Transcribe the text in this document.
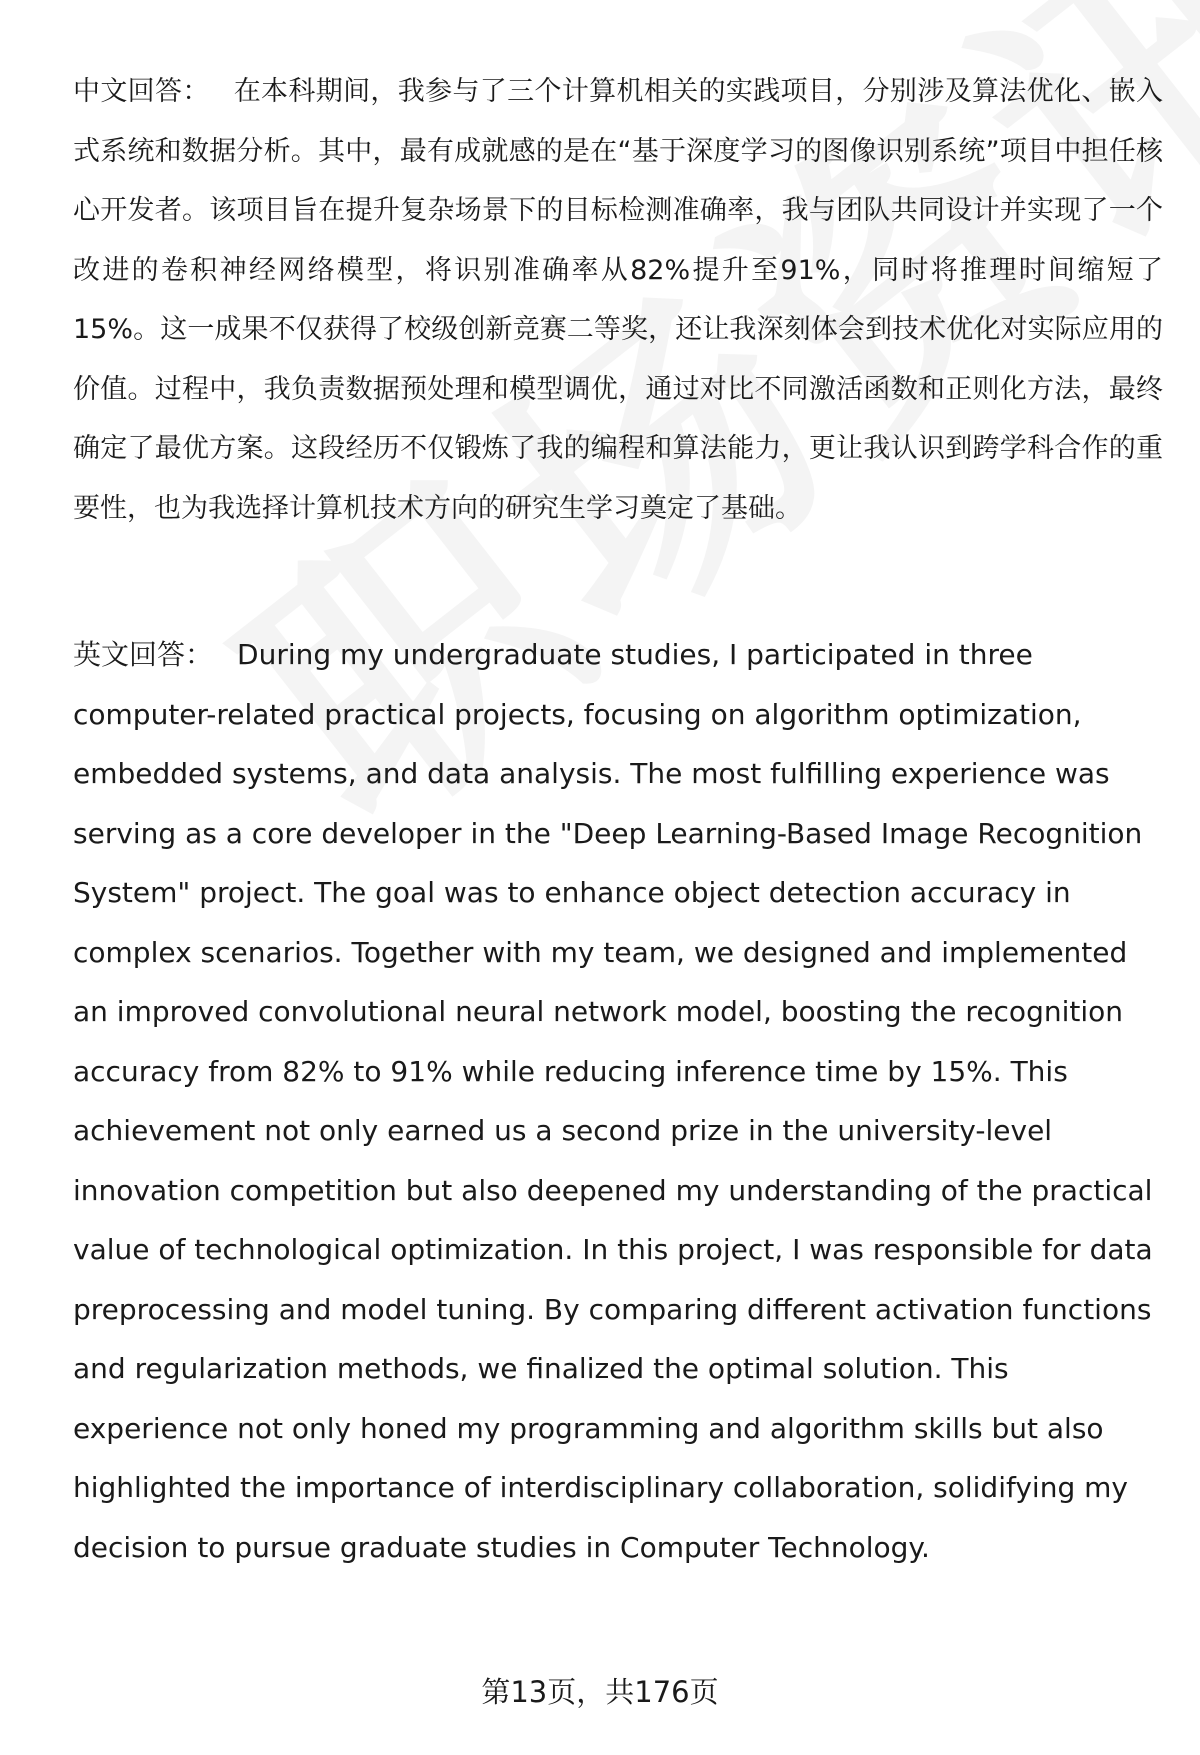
中文回答： 在本科期间，我参与了三个计算机相关的实践项目，分别涉及算法优化、嵌入式系统和数据分析。其中，最有成就感的是在“基于深度学习的图像识别系统”项目中担任核心开发者。该项目旨在提升复杂场景下的目标检测准确率，我与团队共同设计并实现了一个改进的卷积神经网络模型，将识别准确率从82%提升至91%，同时将推理时间缩短了15%。这一成果不仅获得了校级创新竞赛二等奖，还让我深刻体会到技术优化对实际应用的价值。过程中，我负责数据预处理和模型调优，通过对比不同激活函数和正则化方法，最终确定了最优方案。这段经历不仅锻炼了我的编程和算法能力，更让我认识到跨学科合作的重要性，也为我选择计算机技术方向的研究生学习奠定了基础。

英文回答： During my undergraduate studies, I participated in three computer-related practical projects, focusing on algorithm optimization, embedded systems, and data analysis. The most fulfilling experience was serving as a core developer in the "Deep Learning-Based Image Recognition System" project. The goal was to enhance object detection accuracy in complex scenarios. Together with my team, we designed and implemented an improved convolutional neural network model, boosting the recognition accuracy from 82% to 91% while reducing inference time by 15%. This achievement not only earned us a second prize in the university-level innovation competition but also deepened my understanding of the practical value of technological optimization. In this project, I was responsible for data preprocessing and model tuning. By comparing different activation functions and regularization methods, we finalized the optimal solution. This experience not only honed my programming and algorithm skills but also highlighted the importance of interdisciplinary collaboration, solidifying my decision to pursue graduate studies in Computer Technology.

第13页，共176页
